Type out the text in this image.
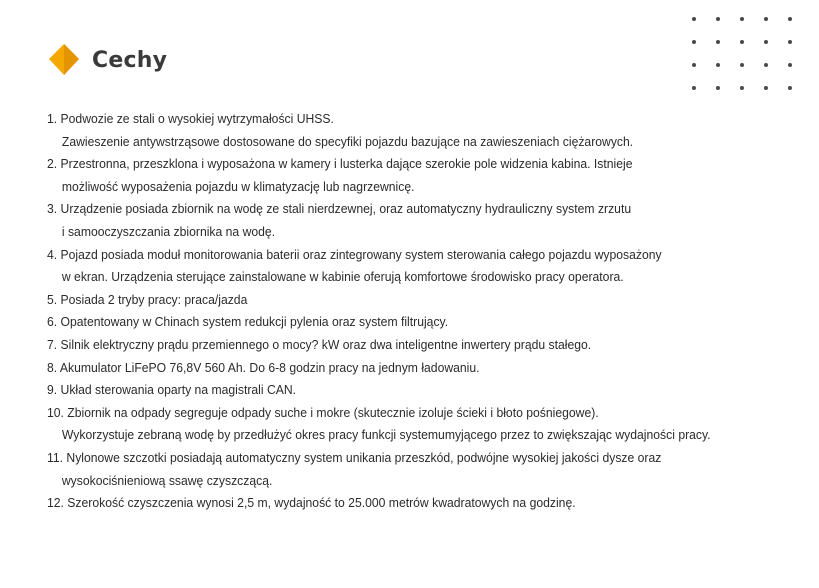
Cechy
1. Podwozie ze stali o wysokiej wytrzymałości UHSS.
Zawieszenie antywstrząsowe dostosowane do specyfiki pojazdu bazujące na zawieszeniach ciężarowych.
2. Przestronna, przeszklona i wyposażona w kamery i lusterka dające szerokie pole widzenia kabina. Istnieje
możliwość wyposażenia pojazdu w klimatyzację lub nagrzewnicę.
3. Urządzenie posiada zbiornik na wodę ze stali nierdzewnej, oraz automatyczny hydrauliczny system zrzutu
i samooczyszczania zbiornika na wodę.
4. Pojazd posiada moduł monitorowania baterii oraz zintegrowany system sterowania całego pojazdu wyposażony
w ekran. Urządzenia sterujące zainstalowane w kabinie oferują komfortowe środowisko pracy operatora.
5. Posiada 2 tryby pracy: praca/jazda
6. Opatentowany w Chinach system redukcji pylenia oraz system filtrujący.
7. Silnik elektryczny prądu przemiennego o mocy? kW oraz dwa inteligentne inwertery prądu stałego.
8. Akumulator LiFePO 76,8V 560 Ah. Do 6-8 godzin pracy na jednym ładowaniu.
9. Układ sterowania oparty na magistrali CAN.
10. Zbiornik na odpady segreguje odpady suche i mokre (skutecznie izoluje ścieki i błoto pośniegowe).
Wykorzystuje zebraną wodę by przedłużyć okres pracy funkcji systemumyjącego przez to zwiększając wydajności pracy.
11. Nylonowe szczotki posiadają automatyczny system unikania przeszkód, podwójne wysokiej jakości dysze oraz
wysokociśnieniową ssawę czyszczącą.
12. Szerokość czyszczenia wynosi 2,5 m, wydajność to 25.000 metrów kwadratowych na godzinę.
